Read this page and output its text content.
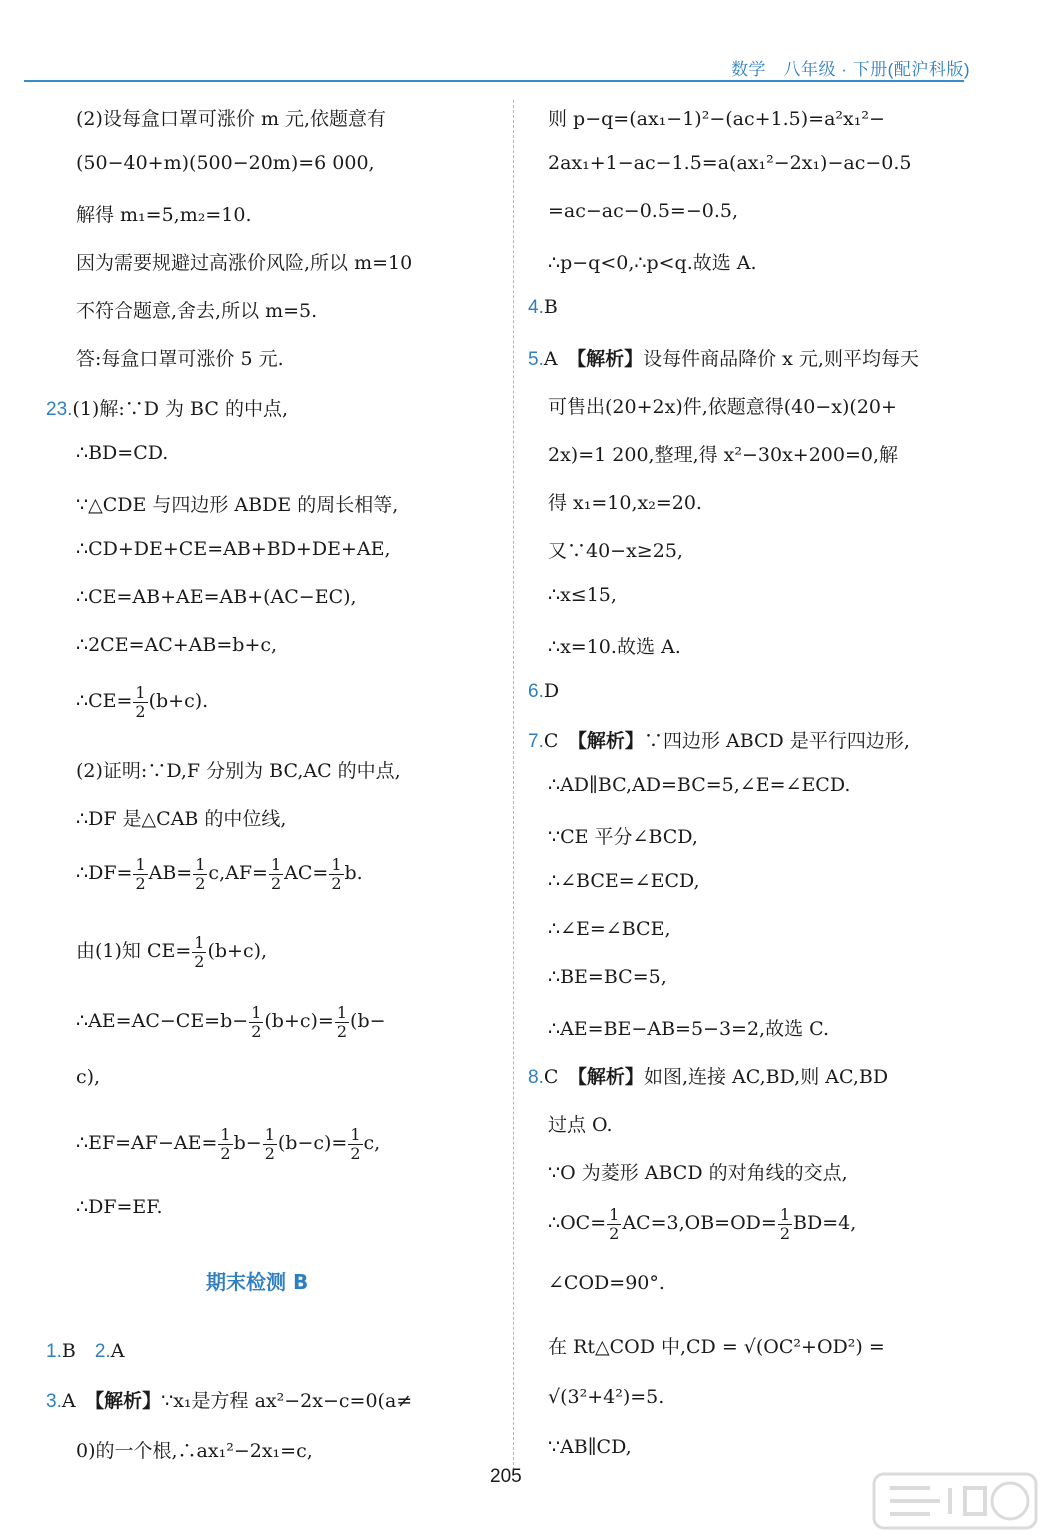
数学　八年级 · 下册(配沪科版)
(2)设每盒口罩可涨价 m 元,依题意有
(50−40+m)(500−20m)=6 000,
解得 m₁=5,m₂=10.
因为需要规避过高涨价风险,所以 m=10
不符合题意,舍去,所以 m=5.
答:每盒口罩可涨价 5 元.
23.(1)解:∵D 为 BC 的中点,
∴BD=CD.
∵△CDE 与四边形 ABDE 的周长相等,
∴CD+DE+CE=AB+BD+DE+AE,
∴CE=AB+AE=AB+(AC−EC),
∴2CE=AC+AB=b+c,
∴CE= $\frac{1}{2} (b+c)$.
(2)证明:∵D,F 分别为 BC,AC 的中点,
∴DF 是△CAB 的中位线,
∴DF= $\frac{1}{2} AB= \frac{1}{2} c,AF= \frac{1}{2} AC= \frac{1}{2} b$.
由(1)知 $CE= \frac{1}{2} (b+c)$,
∴AE=AC−CE=b− $\frac{1}{2} (b+c)= \frac{1}{2} (b-$
c),
∴EF=AF−AE= $\frac{1}{2} b- \frac{1}{2} (b-c)= \frac{1}{2} c$,
∴DF=EF.
期末检测 B
1.B　 2.A　
3.A　 【解析】∵x₁是方程 ax²−2x−c=0(a≠
0)的一个根,∴ax₁²−2x₁=c,
则 p−q=(ax₁−1)²−(ac+1.5)=a²x₁²−
2ax₁+1−ac−1.5=a(ax₁²−2x₁)−ac−0.5
=ac−ac−0.5=−0.5,
∴p−q<0,∴p<q.故选 A.
4.B
5.A　 【解析】设每件商品降价 x 元,则平均每天
可售出(20+2x)件,依题意得(40−x)(20+
2x)=1 200,整理,得 x²−30x+200=0,解
得 x₁=10,x₂=20.
又∵40−x≥25,
∴x≤15,
∴x=10.故选 A.
6.D
7.C　 【解析】∵四边形 ABCD 是平行四边形,
∴AD∥BC,AD=BC=5,∠E=∠ECD.
∵CE 平分∠BCD,
∴∠BCE=∠ECD,
∴∠E=∠BCE,
∴BE=BC=5,
∴AE=BE−AB=5−3=2,故选 C.
8.C　 【解析】如图,连接 AC,BD,则 AC,BD
过点 O.
∵O 为菱形 ABCD 的对角线的交点,
∴OC= $\frac{1}{2} AC=3,OB=OD= \frac{1}{2} BD=4$,
∠COD=90°.
在 Rt△COD 中,CD = √(OC²+OD²) =
√(3²+4²)=5.
∵AB∥CD,
205
